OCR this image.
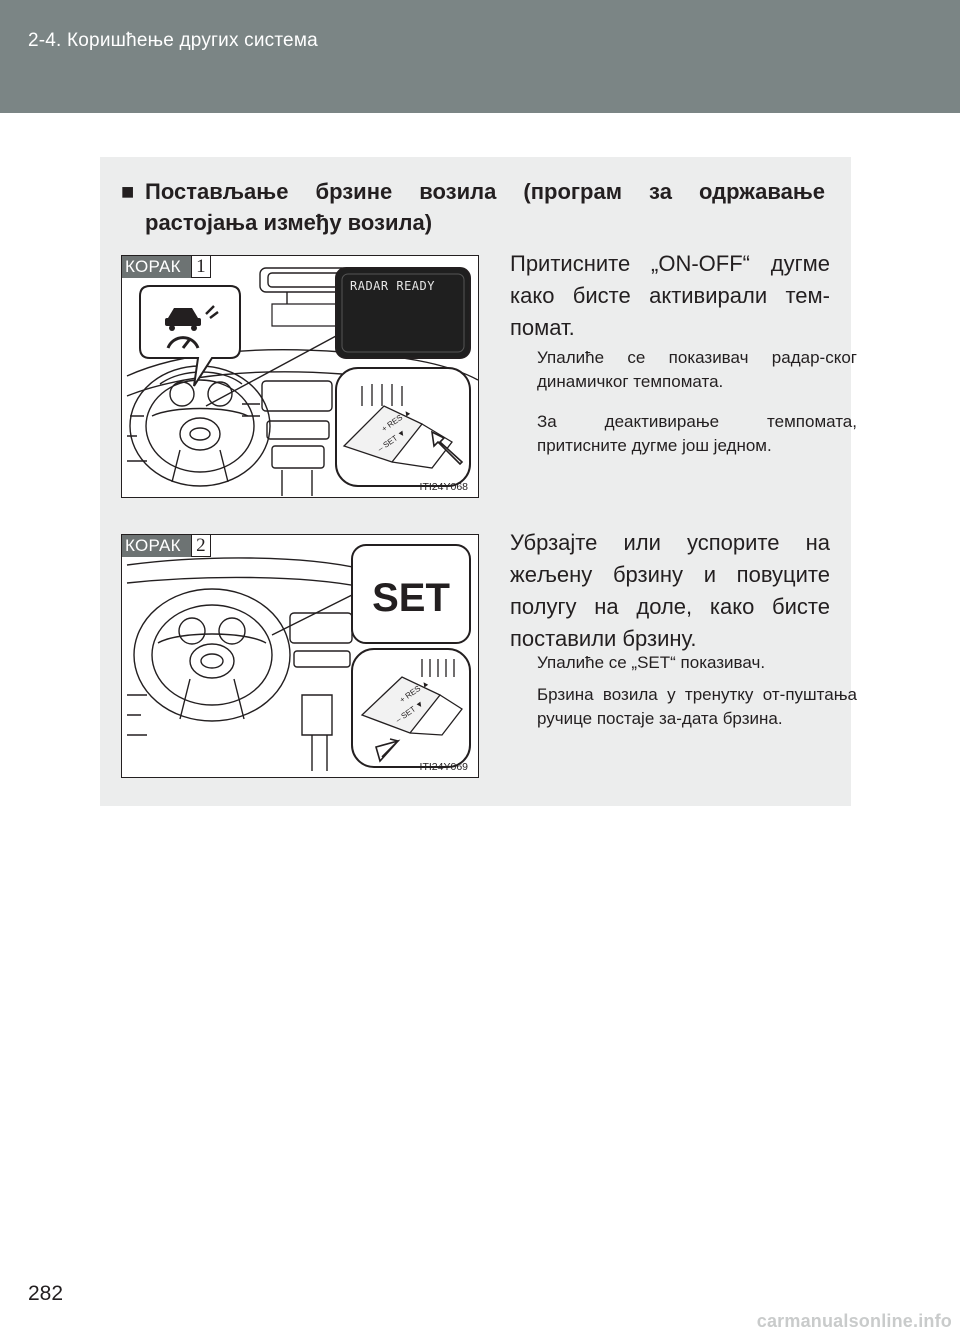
2-4. Коришћење других система
■ Постављање брзине возила (програм за одржавање
растојања између возила)
RADAR READY
+ RES ▲
– SET ▼
КОРАК 1
ITI24Y068
SET
+ RES ▲
– SET ▼
КОРАК 2
ITI24Y069

Притисните „ON-OFF“ дугме како бисте активирали тем-помат.

Упалиће се показивач радар-ског динамичког темпомата.

За деактивирање темпомата, притисните дугме још једном.

Убрзајте или успорите на жељену брзину и повуците полугу на доле, како бисте поставили брзину.

Упалиће се „SET“ показивач.

Брзина возила у тренутку от-пуштања ручице постаје за-дата брзина.

282
carmanualsonline.info
